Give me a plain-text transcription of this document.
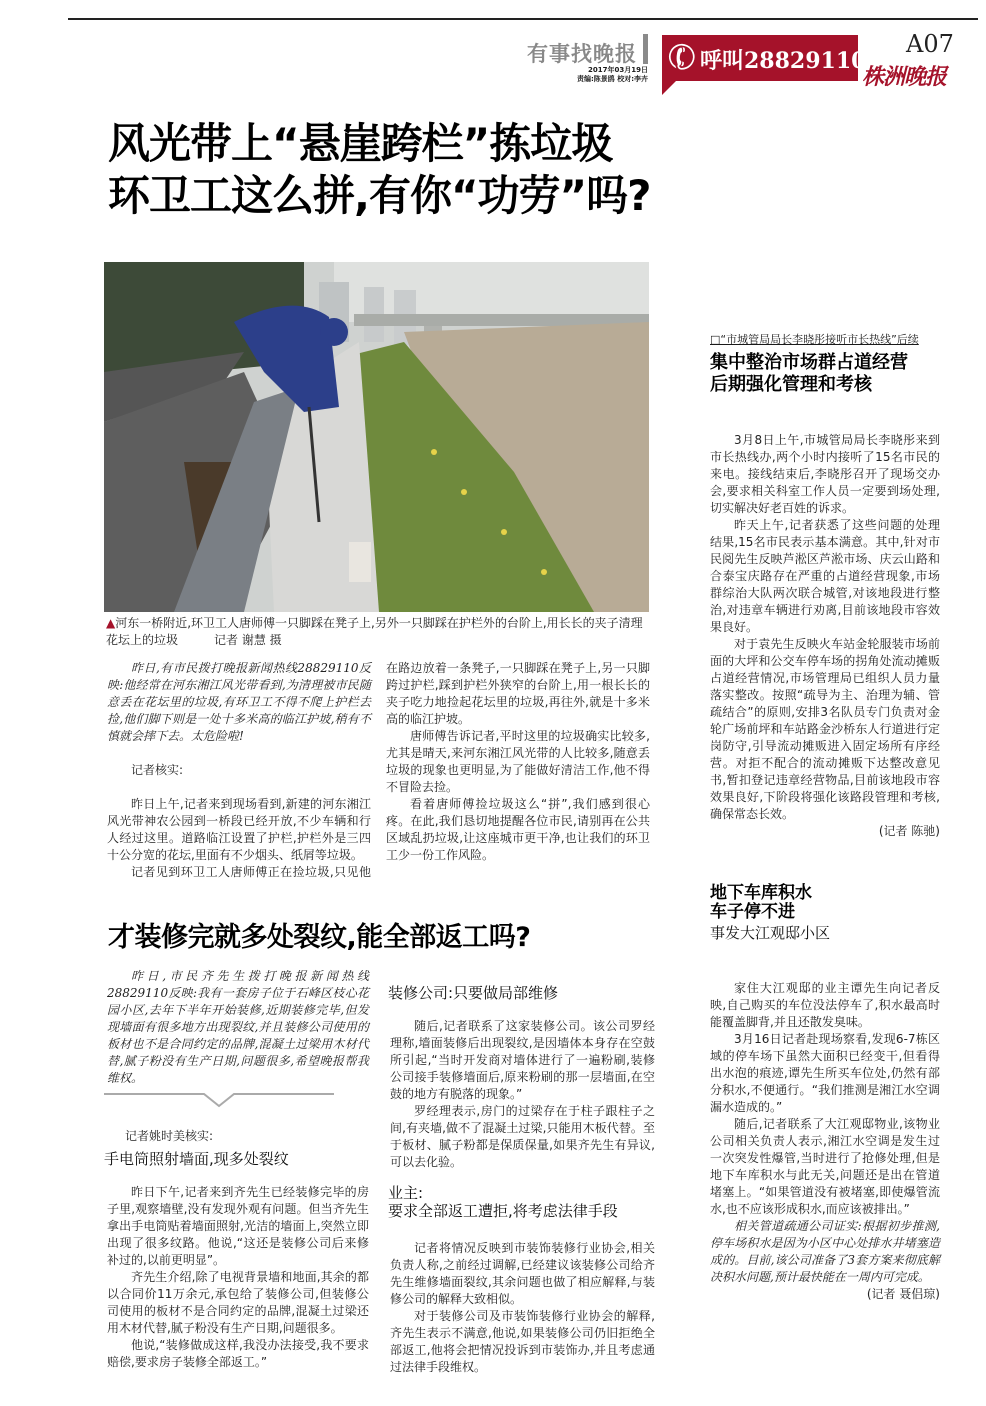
有事找晚报
2017年03月19日
责编:陈景鸥 校对:李卉 ✆
呼叫28829110
A07
株洲晚报
风光带上“悬崖跨栏”拣垃圾
环卫工这么拼,有你“功劳”吗?
▲河东一桥附近,环卫工人唐师傅一只脚踩在凳子上,另外一只脚踩在护栏外的台阶上,用长长的夹子清理花坛上的垃圾	记者 谢慧 摄

昨日,有市民拨打晚报新闻热线28829110反映:他经常在河东湘江风光带看到,为清理被市民随意丢在花坛里的垃圾,有环卫工不得不爬上护栏去捡,他们脚下则是一处十多米高的临江护坡,稍有不慎就会摔下去。太危险啦!

记者核实:

昨日上午,记者来到现场看到,新建的河东湘江风光带神农公园到一桥段已经开放,不少车辆和行人经过这里。道路临江设置了护栏,护栏外是三四十公分宽的花坛,里面有不少烟头、纸屑等垃圾。

记者见到环卫工人唐师傅正在捡垃圾,只见他

在路边放着一条凳子,一只脚踩在凳子上,另一只脚跨过护栏,踩到护栏外狭窄的台阶上,用一根长长的夹子吃力地捡起花坛里的垃圾,再往外,就是十多米高的临江护坡。

唐师傅告诉记者,平时这里的垃圾确实比较多,尤其是晴天,来河东湘江风光带的人比较多,随意丢垃圾的现象也更明显,为了能做好清洁工作,他不得不冒险去捡。

看着唐师傅捡垃圾这么“拼”,我们感到很心疼。在此,我们恳切地提醒各位市民,请别再在公共区域乱扔垃圾,让这座城市更干净,也让我们的环卫工少一份工作风险。

□“市城管局局长李晓彤接听市长热线”后续
集中整治市场群占道经营
后期强化管理和考核

3月8日上午,市城管局局长李晓彤来到市长热线办,两个小时内接听了15名市民的来电。接线结束后,李晓彤召开了现场交办会,要求相关科室工作人员一定要到场处理,切实解决好老百姓的诉求。

昨天上午,记者获悉了这些问题的处理结果,15名市民表示基本满意。其中,针对市民阅先生反映芦淞区芦淞市场、庆云山路和合泰宝庆路存在严重的占道经营现象,市场群综治大队两次联合城管,对该地段进行整治,对违章车辆进行劝离,目前该地段市容效果良好。

对于袁先生反映火车站金轮服装市场前面的大坪和公交车停车场的拐角处流动摊贩占道经营情况,市场管理局已组织人员力量落实整改。按照“疏导为主、治理为辅、管疏结合”的原则,安排3名队员专门负责对金轮广场前坪和车站路金沙桥东人行道进行定岗防守,引导流动摊贩进入固定场所有序经营。对拒不配合的流动摊贩下达整改意见书,暂扣登记违章经营物品,目前该地段市容效果良好,下阶段将强化该路段管理和考核,确保常态长效。

(记者 陈驰)

才装修完就多处裂纹,能全部返工吗?

昨日,市民齐先生拨打晚报新闻热线28829110反映:我有一套房子位于石峰区枝心花园小区,去年下半年开始装修,近期装修完毕,但发现墙面有很多地方出现裂纹,并且装修公司使用的板材也不是合同约定的品牌,混凝土过梁用木材代替,腻子粉没有生产日期,问题很多,希望晚报帮我维权。

记者姚时美核实:
手电筒照射墙面,现多处裂纹

昨日下午,记者来到齐先生已经装修完毕的房子里,观察墙壁,没有发现外观有问题。但当齐先生拿出手电筒贴着墙面照射,光洁的墙面上,突然立即出现了很多纹路。他说,“这还是装修公司后来修补过的,以前更明显”。

齐先生介绍,除了电视背景墙和地面,其余的都以合同价11万余元,承包给了装修公司,但装修公司使用的板材不是合同约定的品牌,混凝土过梁还用木材代替,腻子粉没有生产日期,问题很多。

他说,“装修做成这样,我没办法接受,我不要求赔偿,要求房子装修全部返工。”

装修公司:只要做局部维修

随后,记者联系了这家装修公司。该公司罗经理称,墙面装修后出现裂纹,是因墙体本身存在空鼓所引起,“当时开发商对墙体进行了一遍粉刷,装修公司接手装修墙面后,原来粉刷的那一层墙面,在空鼓的地方有脱落的现象。”

罗经理表示,房门的过梁存在于柱子跟柱子之间,有夹墙,做不了混凝土过梁,只能用木板代替。至于板材、腻子粉都是保质保量,如果齐先生有异议,可以去化验。

业主:
要求全部返工遭拒,将考虑法律手段

记者将情况反映到市装饰装修行业协会,相关负责人称,之前经过调解,已经建议该装修公司给齐先生维修墙面裂纹,其余问题也做了相应解释,与装修公司的解释大致相似。

对于装修公司及市装饰装修行业协会的解释,齐先生表示不满意,他说,如果装修公司仍旧拒绝全部返工,他将会把情况投诉到市装饰办,并且考虑通过法律手段维权。

地下车库积水
车子停不进
事发大江观邸小区

家住大江观邸的业主谭先生向记者反映,自己购买的车位没法停车了,积水最高时能覆盖脚背,并且还散发臭味。

3月16日记者赴现场察看,发现6-7栋区域的停车场下虽然大面积已经变干,但看得出水泡的痕迹,谭先生所买车位处,仍然有部分积水,不便通行。“我们推测是湘江水空调漏水造成的。”

随后,记者联系了大江观邸物业,该物业公司相关负责人表示,湘江水空调是发生过一次突发性爆管,当时进行了抢修处理,但是地下车库积水与此无关,问题还是出在管道堵塞上。“如果管道没有被堵塞,即使爆管流水,也不应该形成积水,而应该被排出。”

相关管道疏通公司证实:根据初步推测,停车场积水是因为小区中心处排水井堵塞造成的。目前,该公司准备了3套方案来彻底解决积水问题,预计最快能在一周内可完成。

(记者 聂侣琼)
